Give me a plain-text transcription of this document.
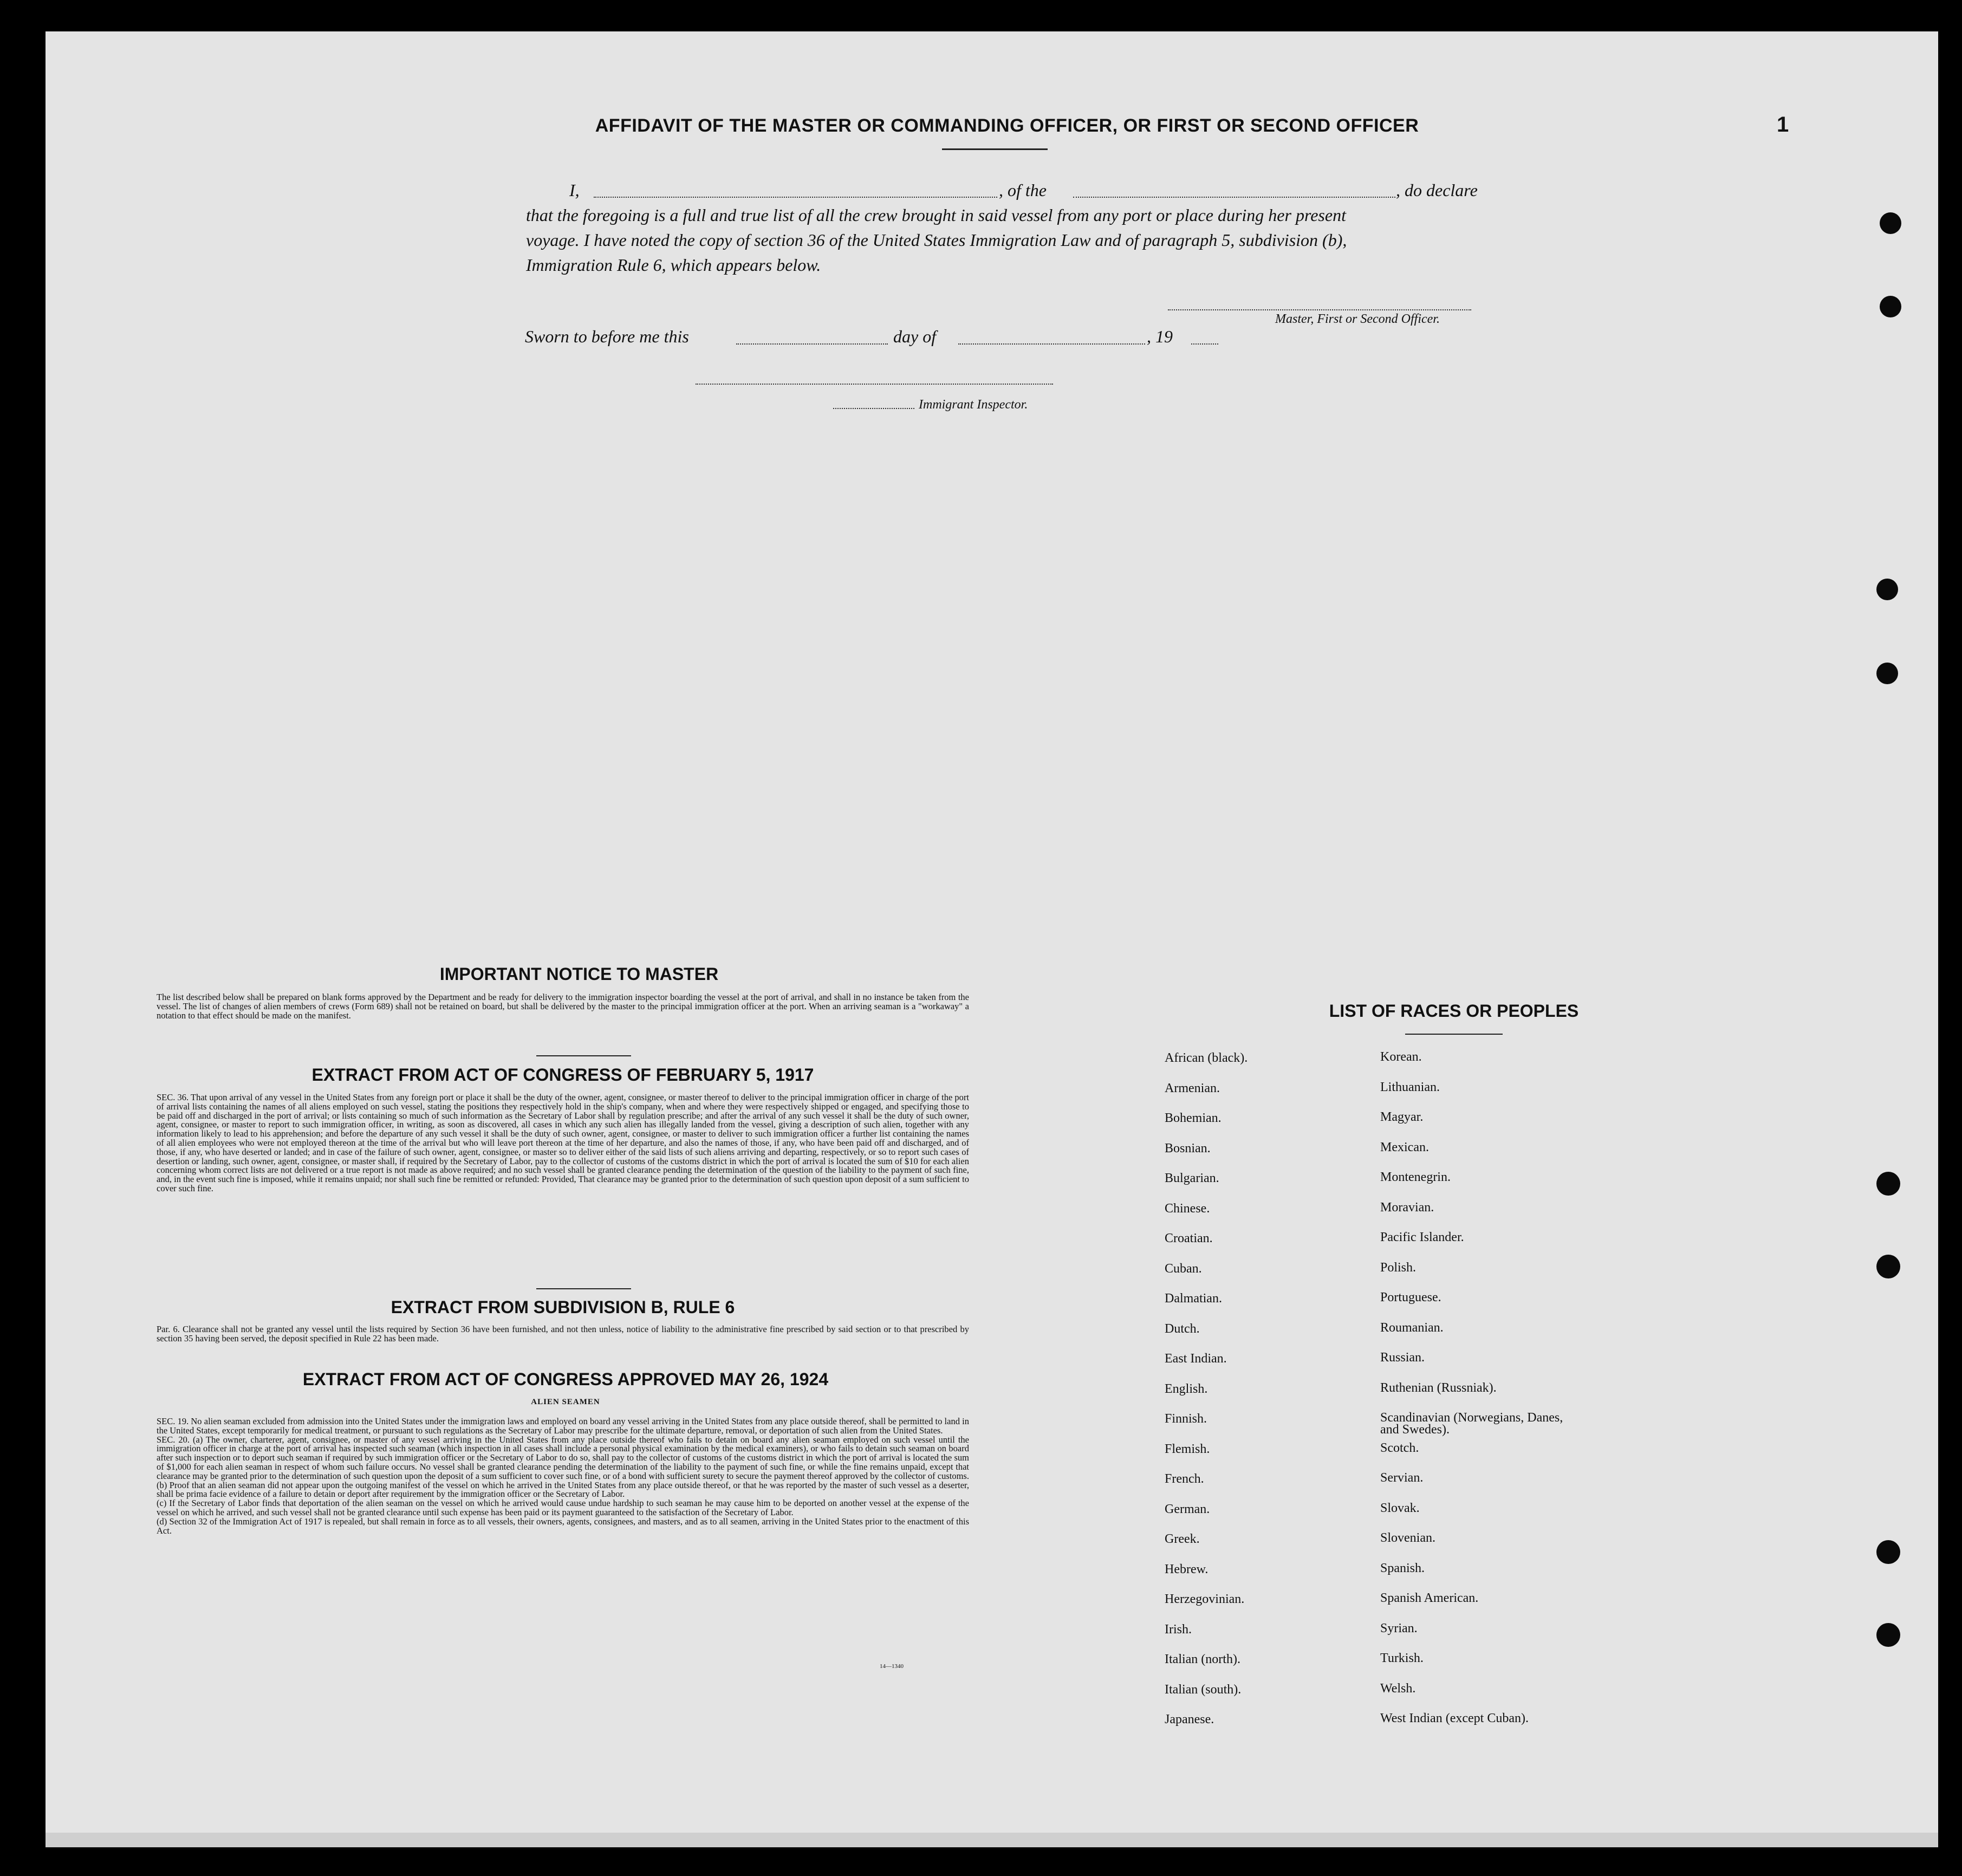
AFFIDAVIT OF THE MASTER OR COMMANDING OFFICER, OR FIRST OR SECOND OFFICER	1
I,	, of the	, do declare
that the foregoing is a full and true list of all the crew brought in said vessel from any port or place during her present
voyage. I have noted the copy of section 36 of the United States Immigration Law and of paragraph 5, subdivision (b),
Immigration Rule 6, which appears below.
Master, First or Second Officer.
Sworn to before me this	day of	, 19
Immigrant Inspector.
IMPORTANT NOTICE TO MASTER
The list described below shall be prepared on blank forms approved by the Department and be ready for delivery to the immigration inspector boarding the vessel at the port of arrival, and shall in no instance be taken from the vessel. The list of changes of alien members of crews (Form 689) shall not be retained on board, but shall be delivered by the master to the principal immigration officer at the port. When an arriving seaman is a "workaway" a notation to that effect should be made on the manifest.
EXTRACT FROM ACT OF CONGRESS OF FEBRUARY 5, 1917
SEC. 36. That upon arrival of any vessel in the United States from any foreign port or place it shall be the duty of the owner, agent, consignee, or master thereof to deliver to the principal immigration officer in charge of the port of arrival lists containing the names of all aliens employed on such vessel, stating the positions they respectively hold in the ship's company, when and where they were respectively shipped or engaged, and specifying those to be paid off and discharged in the port of arrival; or lists containing so much of such information as the Secretary of Labor shall by regulation prescribe; and after the arrival of any such vessel it shall be the duty of such owner, agent, consignee, or master to report to such immigration officer, in writing, as soon as discovered, all cases in which any such alien has illegally landed from the vessel, giving a description of such alien, together with any information likely to lead to his apprehension; and before the departure of any such vessel it shall be the duty of such owner, agent, consignee, or master to deliver to such immigration officer a further list containing the names of all alien employees who were not employed thereon at the time of the arrival but who will leave port thereon at the time of her departure, and also the names of those, if any, who have been paid off and discharged, and of those, if any, who have deserted or landed; and in case of the failure of such owner, agent, consignee, or master so to deliver either of the said lists of such aliens arriving and departing, respectively, or so to report such cases of desertion or landing, such owner, agent, consignee, or master shall, if required by the Secretary of Labor, pay to the collector of customs of the customs district in which the port of arrival is located the sum of $10 for each alien concerning whom correct lists are not delivered or a true report is not made as above required; and no such vessel shall be granted clearance pending the determination of the question of the liability to the payment of such fine, and, in the event such fine is imposed, while it remains unpaid; nor shall such fine be remitted or refunded: Provided, That clearance may be granted prior to the determination of such question upon deposit of a sum sufficient to cover such fine.
EXTRACT FROM SUBDIVISION B, RULE 6
Par. 6. Clearance shall not be granted any vessel until the lists required by Section 36 have been furnished, and not then unless, notice of liability to the administrative fine prescribed by said section or to that prescribed by section 35 having been served, the deposit specified in Rule 22 has been made.
EXTRACT FROM ACT OF CONGRESS APPROVED MAY 26, 1924
ALIEN SEAMEN
SEC. 19. No alien seaman excluded from admission into the United States under the immigration laws and employed on board any vessel arriving in the United States from any place outside thereof, shall be permitted to land in the United States, except temporarily for medical treatment, or pursuant to such regulations as the Secretary of Labor may prescribe for the ultimate departure, removal, or deportation of such alien from the United States.
SEC. 20. (a) The owner, charterer, agent, consignee, or master of any vessel arriving in the United States from any place outside thereof who fails to detain on board any alien seaman employed on such vessel until the immigration officer in charge at the port of arrival has inspected such seaman (which inspection in all cases shall include a personal physical examination by the medical examiners), or who fails to detain such seaman on board after such inspection or to deport such seaman if required by such immigration officer or the Secretary of Labor to do so, shall pay to the collector of customs of the customs district in which the port of arrival is located the sum of $1,000 for each alien seaman in respect of whom such failure occurs. No vessel shall be granted clearance pending the determination of the liability to the payment of such fine, or while the fine remains unpaid, except that clearance may be granted prior to the determination of such question upon the deposit of a sum sufficient to cover such fine, or of a bond with sufficient surety to secure the payment thereof approved by the collector of customs.
(b) Proof that an alien seaman did not appear upon the outgoing manifest of the vessel on which he arrived in the United States from any place outside thereof, or that he was reported by the master of such vessel as a deserter, shall be prima facie evidence of a failure to detain or deport after requirement by the immigration officer or the Secretary of Labor.
(c) If the Secretary of Labor finds that deportation of the alien seaman on the vessel on which he arrived would cause undue hardship to such seaman he may cause him to be deported on another vessel at the expense of the vessel on which he arrived, and such vessel shall not be granted clearance until such expense has been paid or its payment guaranteed to the satisfaction of the Secretary of Labor.
(d) Section 32 of the Immigration Act of 1917 is repealed, but shall remain in force as to all vessels, their owners, agents, consignees, and masters, and as to all seamen, arriving in the United States prior to the enactment of this Act.
14—1340
LIST OF RACES OR PEOPLES
African (black).
Armenian.
Bohemian.
Bosnian.
Bulgarian.
Chinese.
Croatian.
Cuban.
Dalmatian.
Dutch.
East Indian.
English.
Finnish.
Flemish.
French.
German.
Greek.
Hebrew.
Herzegovinian.
Irish.
Italian (north).
Italian (south).
Japanese.
Korean.
Lithuanian.
Magyar.
Mexican.
Montenegrin.
Moravian.
Pacific Islander.
Polish.
Portuguese.
Roumanian.
Russian.
Ruthenian (Russniak).
Scandinavian (Norwegians, Danes, and Swedes).
Scotch.
Servian.
Slovak.
Slovenian.
Spanish.
Spanish American.
Syrian.
Turkish.
Welsh.
West Indian (except Cuban).
